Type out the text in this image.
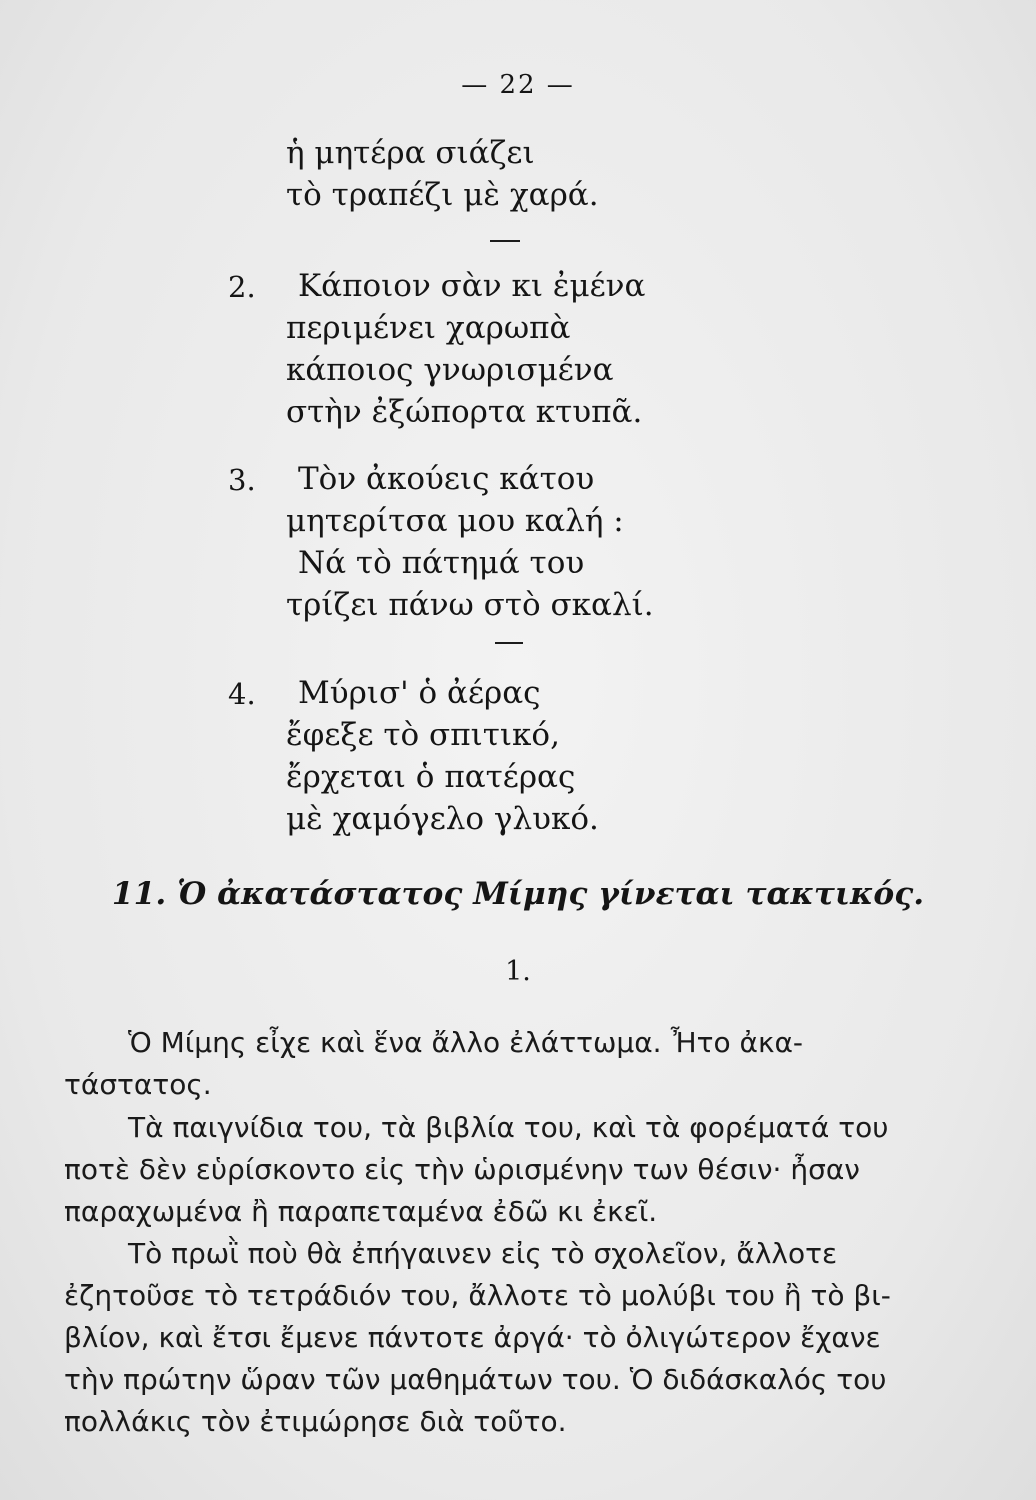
— 22 —
ἡ μητέρα σιάζει
τὸ τραπέζι μὲ χαρά.
2. Κάποιον σὰν κι ἐμένα
περιμένει χαρωπὰ
κάποιος γνωρισμένα
στὴν ἐξώπορτα κτυπᾶ.
3. Τὸν ἀκούεις κάτου
μητερίτσα μου καλή :
Νά τὸ πάτημά του
τρίζει πάνω στὸ σκαλί.
4. Μύρισ' ὁ ἀέρας
ἔφεξε τὸ σπιτικό,
ἔρχεται ὁ πατέρας
μὲ χαμόγελο γλυκό.
11. Ὁ ἀκατάστατος Μίμης γίνεται τακτικός.
1.
Ὁ Μίμης εἶχε καὶ ἕνα ἄλλο ἐλάττωμα. Ἦτο ἀκα-
τάστατος.
Τὰ παιγνίδια του, τὰ βιβλία του, καὶ τὰ φορέματά του
ποτὲ δὲν εὑρίσκοντο εἰς τὴν ὡρισμένην των θέσιν· ἦσαν
παραχωμένα ἢ παραπεταμένα ἐδῶ κι ἐκεῖ.
Τὸ πρωῒ ποὺ θὰ ἐπήγαινεν εἰς τὸ σχολεῖον, ἄλλοτε
ἐζητοῦσε τὸ τετράδιόν του, ἄλλοτε τὸ μολύβι του ἢ τὸ βι-
βλίον, καὶ ἔτσι ἔμενε πάντοτε ἀργά· τὸ ὀλιγώτερον ἔχανε
τὴν πρώτην ὥραν τῶν μαθημάτων του. Ὁ διδάσκαλός του
πολλάκις τὸν ἐτιμώρησε διὰ τοῦτο.
